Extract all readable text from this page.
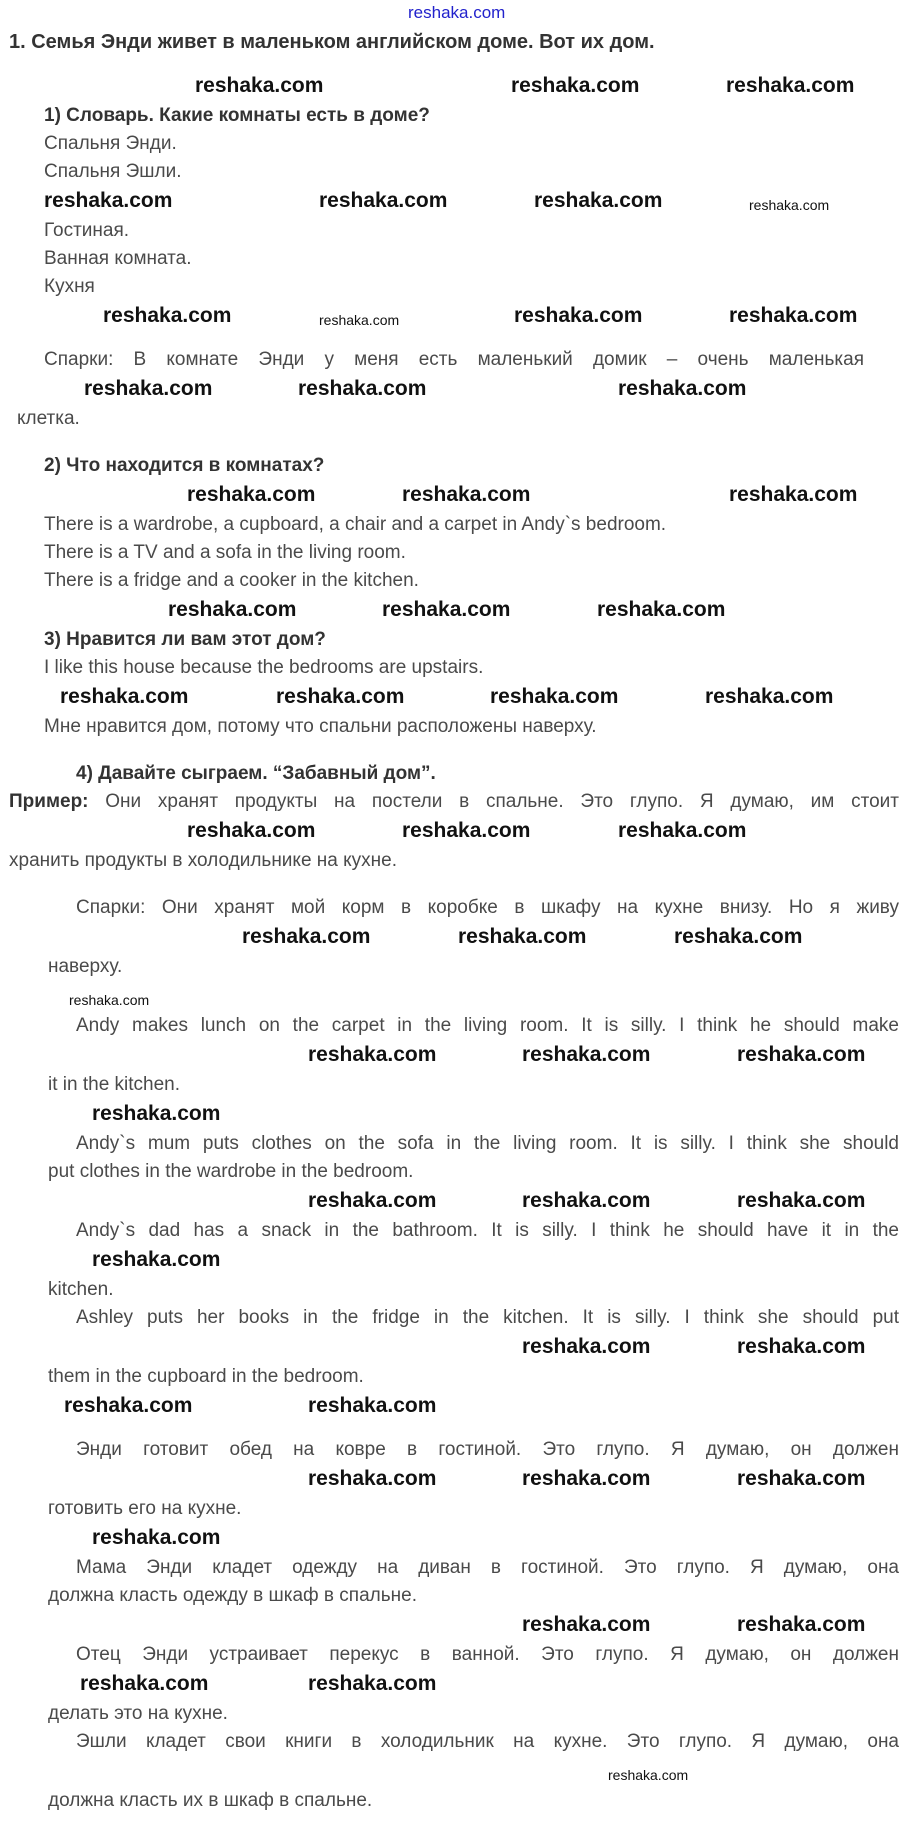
reshaka.com
1. Семья Энди живет в маленьком английском доме. Вот их дом.
reshaka.com	reshaka.com	reshaka.com
1) Словарь. Какие комнаты есть в доме?
Спальня Энди.
Спальня Эшли.
reshaka.com	reshaka.com	reshaka.com	reshaka.com
Гостиная.
Ванная комната.
Кухня
reshaka.com	reshaka.com	reshaka.com	reshaka.com
Спарки: В комнате Энди у меня есть маленький домик – очень маленькая
reshaka.com	reshaka.com	reshaka.com
клетка.
2) Что находится в комнатах?
reshaka.com	reshaka.com	reshaka.com
There is a wardrobe, a cupboard, a chair and a carpet in Andy`s bedroom.
There is a TV and a sofa in the living room.
There is a fridge and a cooker in the kitchen.
reshaka.com	reshaka.com	reshaka.com
3) Нравится ли вам этот дом?
I like this house because the bedrooms are upstairs.
reshaka.com	reshaka.com	reshaka.com	reshaka.com
Мне нравится дом, потому что спальни расположены наверху.
4) Давайте сыграем. “Забавный дом”.
Пример: Они хранят продукты на постели в спальне. Это глупо. Я думаю, им стоит
reshaka.com	reshaka.com	reshaka.com
хранить продукты в холодильнике на кухне.
Спарки: Они хранят мой корм в коробке в шкафу на кухне внизу. Но я живу
reshaka.com	reshaka.com	reshaka.com
наверху.
reshaka.com
Andy makes lunch on the carpet in the living room. It is silly. I think he should make
reshaka.com	reshaka.com	reshaka.com
it in the kitchen.
reshaka.com
Andy`s mum puts clothes on the sofa in the living room. It is silly. I think she should
put clothes in the wardrobe in the bedroom.
reshaka.com	reshaka.com	reshaka.com
Andy`s dad has a snack in the bathroom. It is silly. I think he should have it in the
reshaka.com
kitchen.
Ashley puts her books in the fridge in the kitchen. It is silly. I think she should put
reshaka.com	reshaka.com
them in the cupboard in the bedroom.
reshaka.com	reshaka.com
Энди готовит обед на ковре в гостиной. Это глупо. Я думаю, он должен
reshaka.com	reshaka.com	reshaka.com
готовить его на кухне.
reshaka.com
Мама Энди кладет одежду на диван в гостиной. Это глупо. Я думаю, она
должна класть одежду в шкаф в спальне.
reshaka.com	reshaka.com
Отец Энди устраивает перекус в ванной. Это глупо. Я думаю, он должен
reshaka.com	reshaka.com
делать это на кухне.
Эшли кладет свои книги в холодильник на кухне. Это глупо. Я думаю, она
reshaka.com
должна класть их в шкаф в спальне.
